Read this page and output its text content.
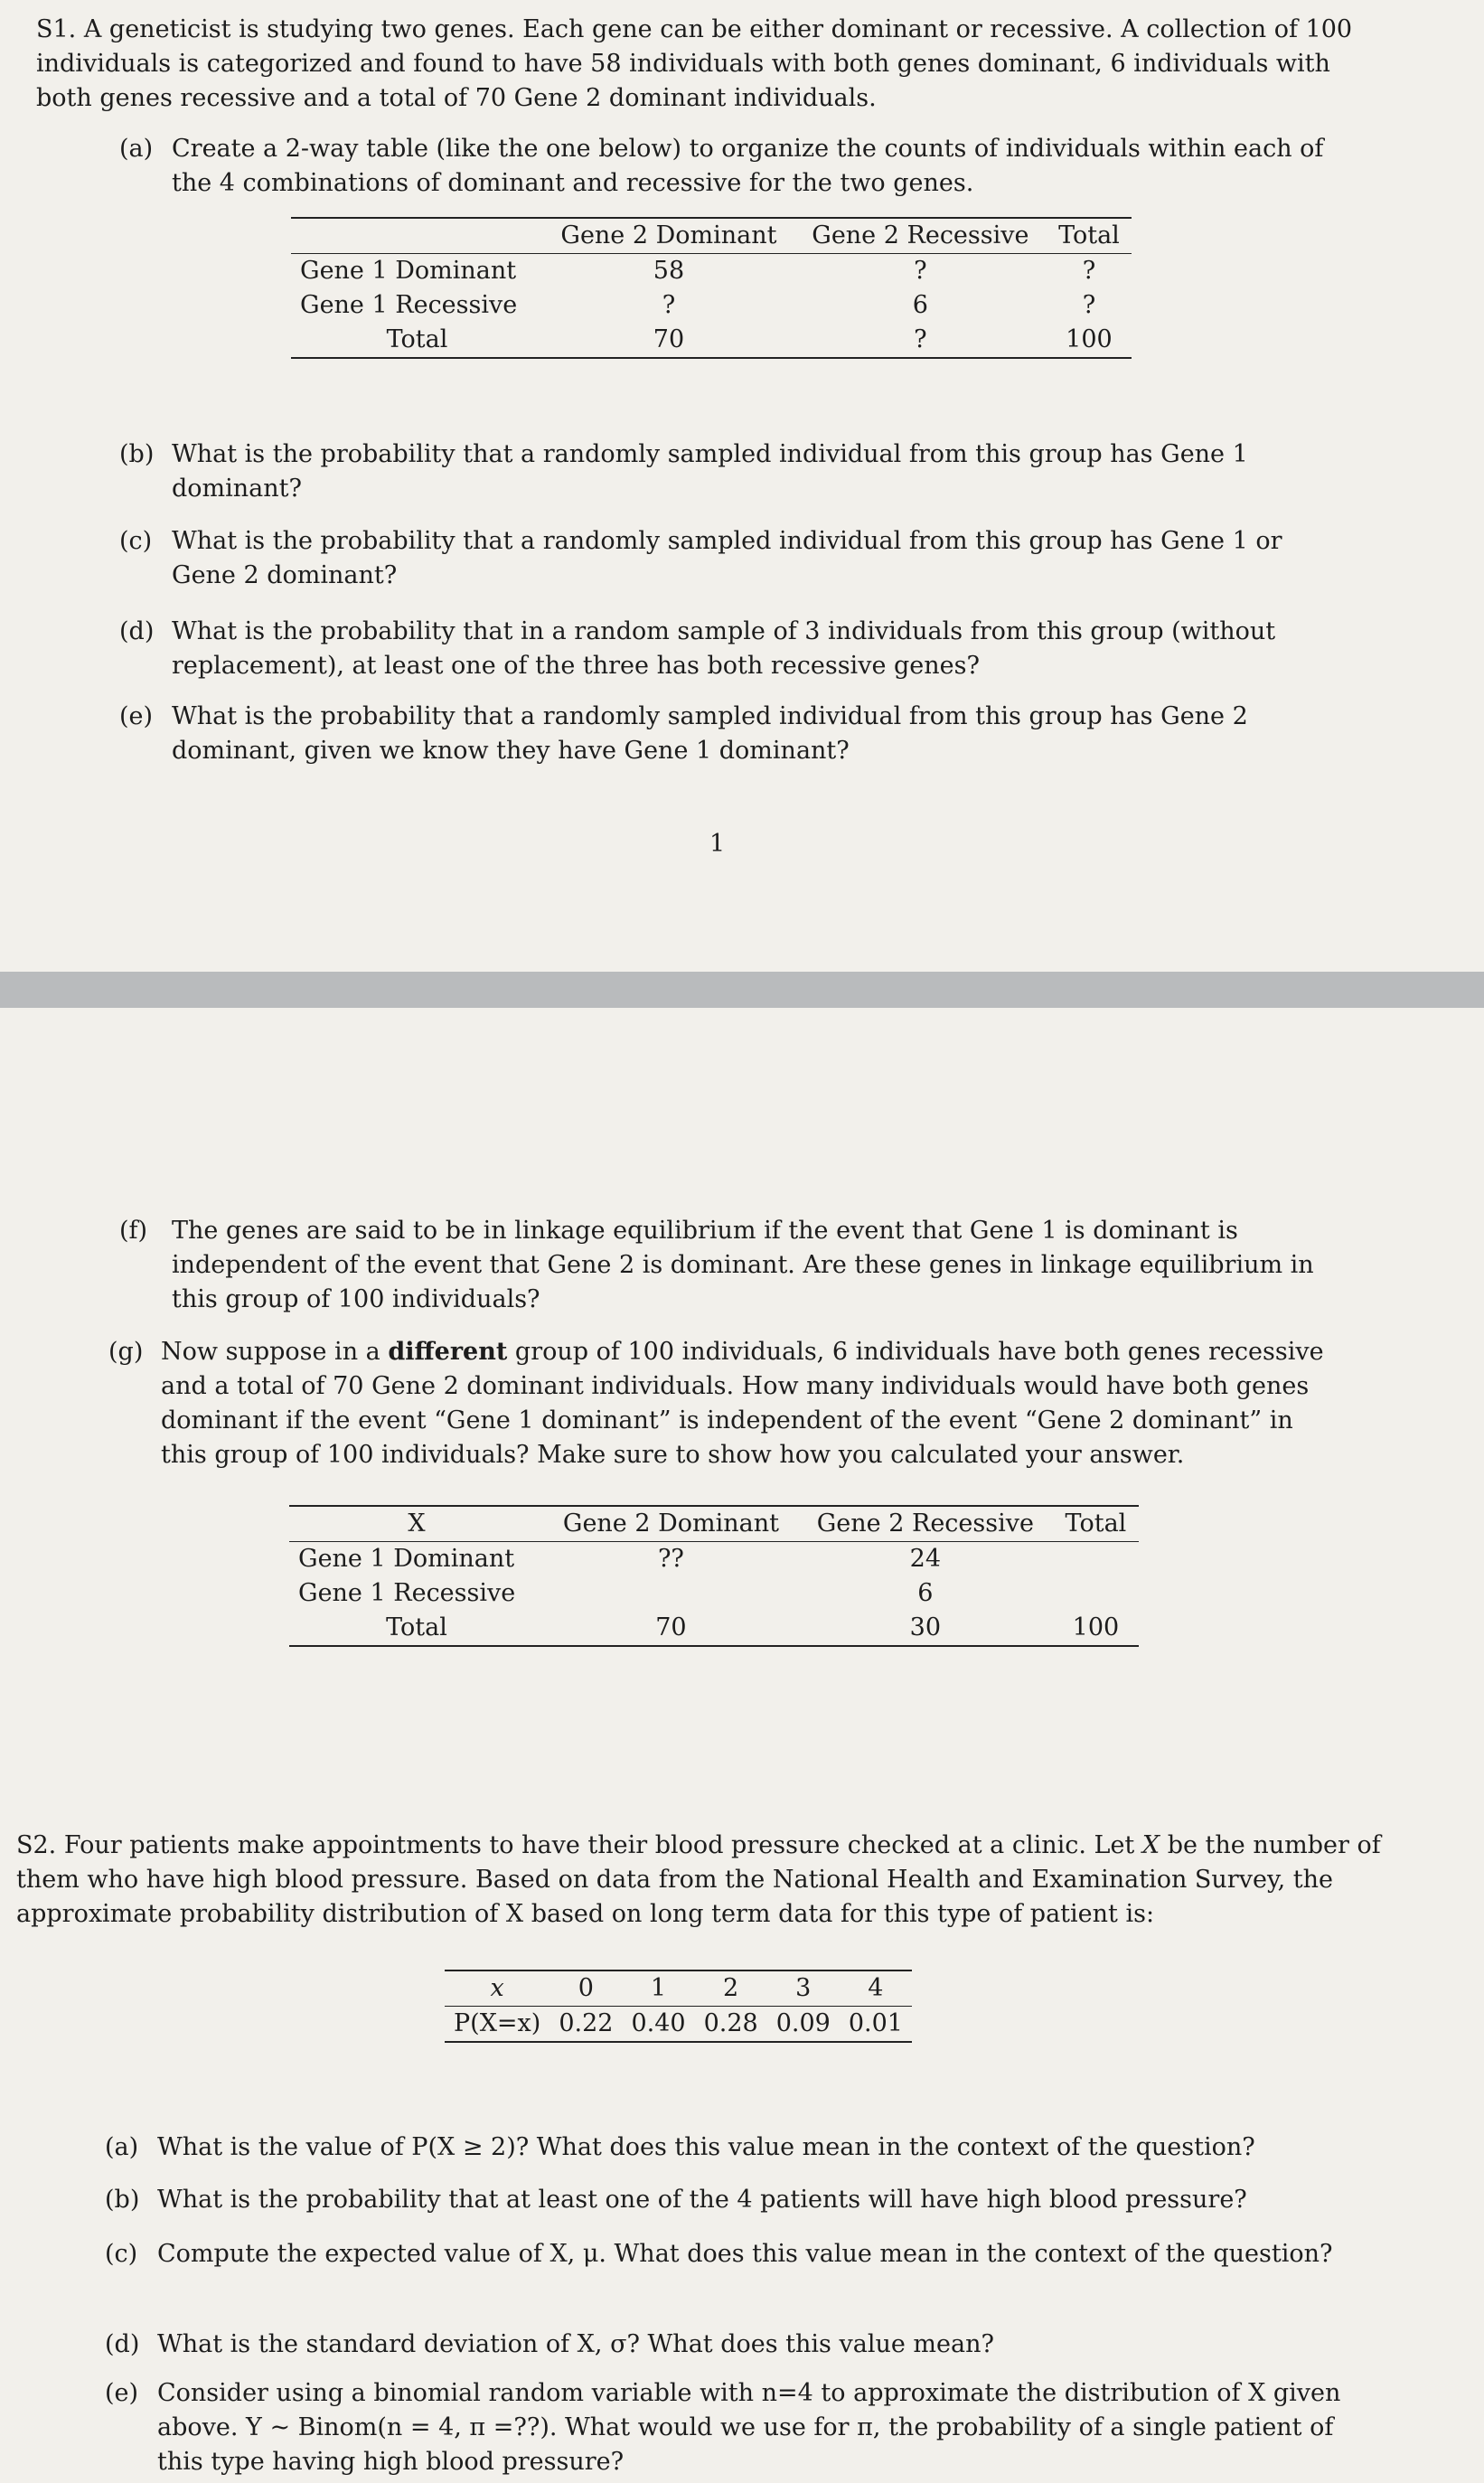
S1. A geneticist is studying two genes. Each gene can be either dominant or recessive. A collection of 100 individuals is categorized and found to have 58 individuals with both genes dominant, 6 individuals with both genes recessive and a total of 70 Gene 2 dominant individuals.
(a) Create a 2-way table (like the one below) to organize the counts of individuals within each of the 4 combinations of dominant and recessive for the two genes.
	Gene 2 Dominant	Gene 2 Recessive	Total
Gene 1 Dominant	58	?	?
Gene 1 Recessive	?	6	?
Total	70	?	100
(b) What is the probability that a randomly sampled individual from this group has Gene 1 dominant?
(c) What is the probability that a randomly sampled individual from this group has Gene 1 or Gene 2 dominant?
(d) What is the probability that in a random sample of 3 individuals from this group (without replacement), at least one of the three has both recessive genes?
(e) What is the probability that a randomly sampled individual from this group has Gene 2 dominant, given we know they have Gene 1 dominant?
1
(f) The genes are said to be in linkage equilibrium if the event that Gene 1 is dominant is independent of the event that Gene 2 is dominant. Are these genes in linkage equilibrium in this group of 100 individuals?
(g) Now suppose in a different group of 100 individuals, 6 individuals have both genes recessive and a total of 70 Gene 2 dominant individuals. How many individuals would have both genes dominant if the event “Gene 1 dominant” is independent of the event “Gene 2 dominant” in this group of 100 individuals? Make sure to show how you calculated your answer.
X	Gene 2 Dominant	Gene 2 Recessive	Total
Gene 1 Dominant	??	24	
Gene 1 Recessive		6	
Total	70	30	100
S2. Four patients make appointments to have their blood pressure checked at a clinic. Let X be the number of them who have high blood pressure. Based on data from the National Health and Examination Survey, the approximate probability distribution of X based on long term data for this type of patient is:
x	0	1	2	3	4
P(X=x)	0.22	0.40	0.28	0.09	0.01
(a) What is the value of P(X ≥ 2)? What does this value mean in the context of the question?
(b) What is the probability that at least one of the 4 patients will have high blood pressure?
(c) Compute the expected value of X, μ. What does this value mean in the context of the question?
(d) What is the standard deviation of X, σ? What does this value mean?
(e) Consider using a binomial random variable with n=4 to approximate the distribution of X given above. Y ~ Binom(n = 4, π =??). What would we use for π, the probability of a single patient of this type having high blood pressure?
